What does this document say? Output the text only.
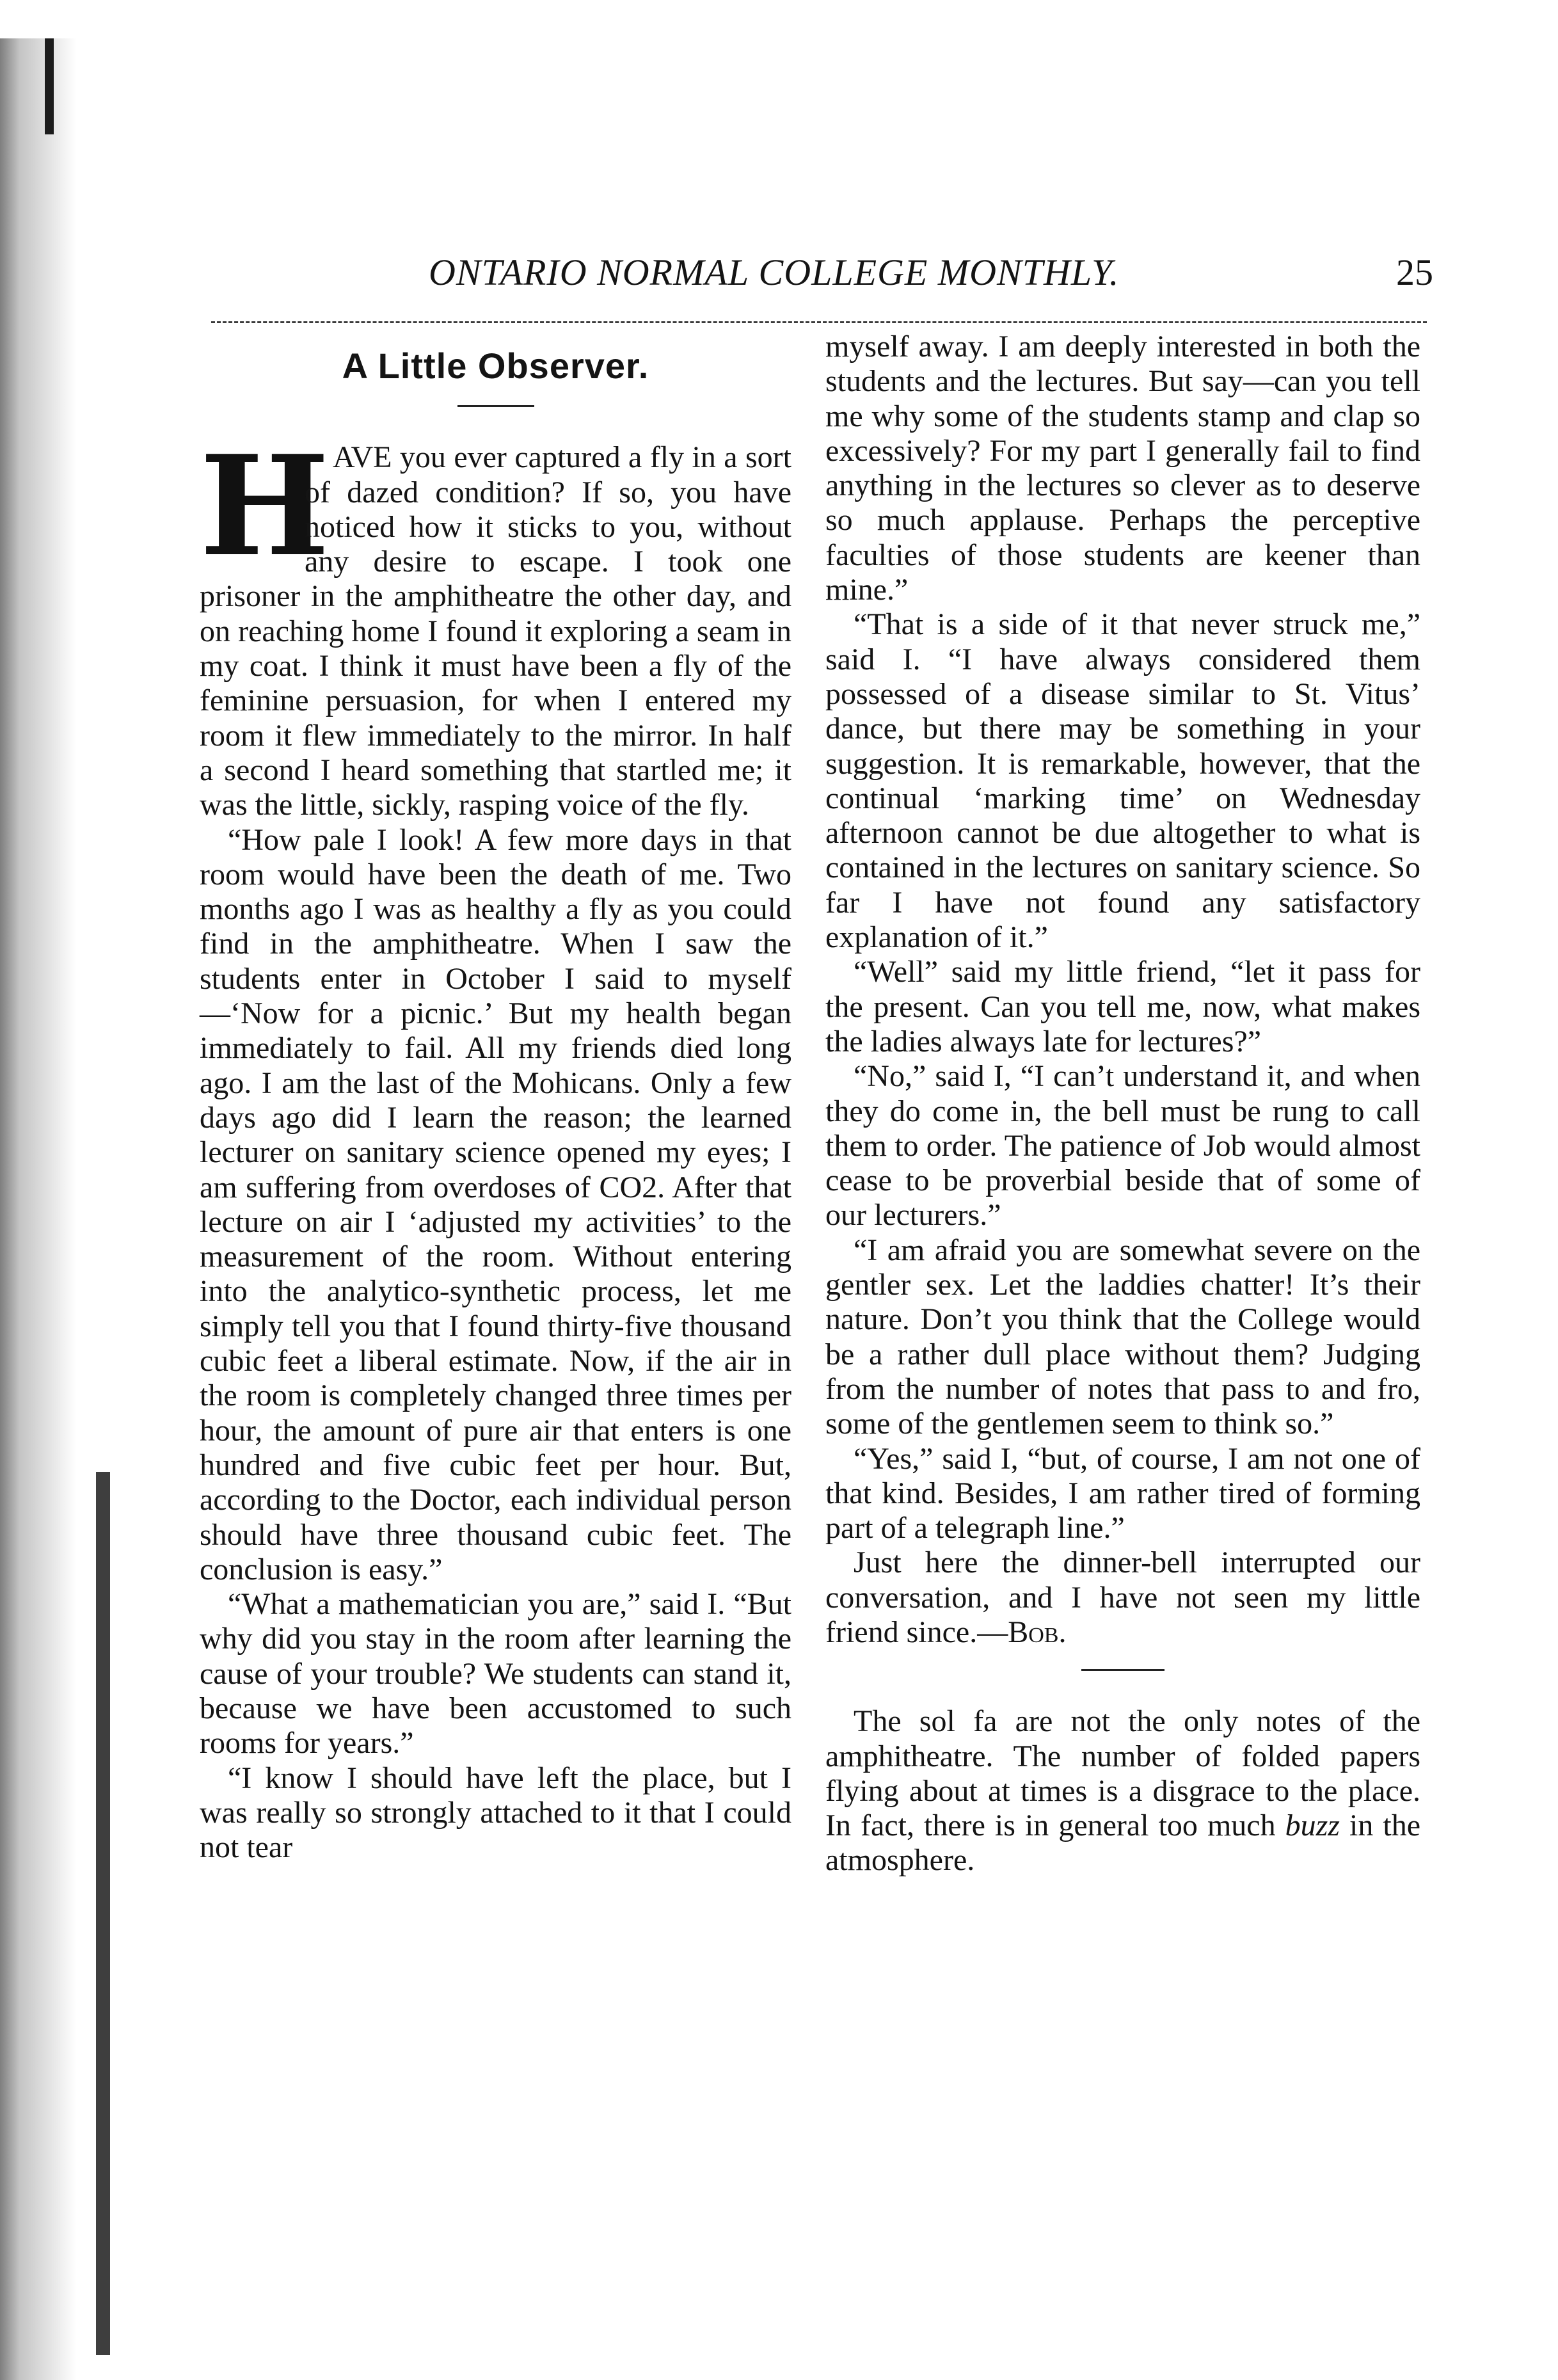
ONTARIO NORMAL COLLEGE MONTHLY.	25
A Little Observer.
H AVE you ever captured a fly in a sort of dazed condition? If so, you have noticed how it sticks to you, without any desire to escape. I took one prisoner in the amphitheatre the other day, and on reaching home I found it exploring a seam in my coat. I think it must have been a fly of the feminine persuasion, for when I entered my room it flew immediately to the mirror. In half a second I heard something that startled me; it was the little, sickly, rasping voice of the fly.

“How pale I look! A few more days in that room would have been the death of me. Two months ago I was as healthy a fly as you could find in the amphitheatre. When I saw the students enter in October I said to myself—‘Now for a picnic.’ But my health began immediately to fail. All my friends died long ago. I am the last of the Mohicans. Only a few days ago did I learn the reason; the learned lecturer on sanitary science opened my eyes; I am suffering from overdoses of CO2. After that lecture on air I ‘adjusted my activities’ to the measurement of the room. Without entering into the analytico-synthetic process, let me simply tell you that I found thirty-five thousand cubic feet a liberal estimate. Now, if the air in the room is completely changed three times per hour, the amount of pure air that enters is one hundred and five cubic feet per hour. But, according to the Doctor, each individual person should have three thousand cubic feet. The conclusion is easy.”

“What a mathematician you are,” said I. “But why did you stay in the room after learning the cause of your trouble? We students can stand it, because we have been accustomed to such rooms for years.”

“I know I should have left the place, but I was really so strongly attached to it that I could not tear

myself away. I am deeply interested in both the students and the lectures. But say—can you tell me why some of the students stamp and clap so excessively? For my part I generally fail to find anything in the lectures so clever as to deserve so much applause. Perhaps the perceptive faculties of those students are keener than mine.”

“That is a side of it that never struck me,” said I. “I have always considered them possessed of a disease similar to St. Vitus’ dance, but there may be something in your suggestion. It is remarkable, however, that the continual ‘marking time’ on Wednesday afternoon cannot be due altogether to what is contained in the lectures on sanitary science. So far I have not found any satisfactory explanation of it.”

“Well” said my little friend, “let it pass for the present. Can you tell me, now, what makes the ladies always late for lectures?”

“No,” said I, “I can’t understand it, and when they do come in, the bell must be rung to call them to order. The patience of Job would almost cease to be proverbial beside that of some of our lecturers.”

“I am afraid you are somewhat severe on the gentler sex. Let the laddies chatter! It’s their nature. Don’t you think that the College would be a rather dull place without them? Judging from the number of notes that pass to and fro, some of the gentlemen seem to think so.”

“Yes,” said I, “but, of course, I am not one of that kind. Besides, I am rather tired of forming part of a telegraph line.”

Just here the dinner-bell interrupted our conversation, and I have not seen my little friend since.—Bob.

The sol fa are not the only notes of the amphitheatre. The number of folded papers flying about at times is a disgrace to the place. In fact, there is in general too much buzz in the atmosphere.
